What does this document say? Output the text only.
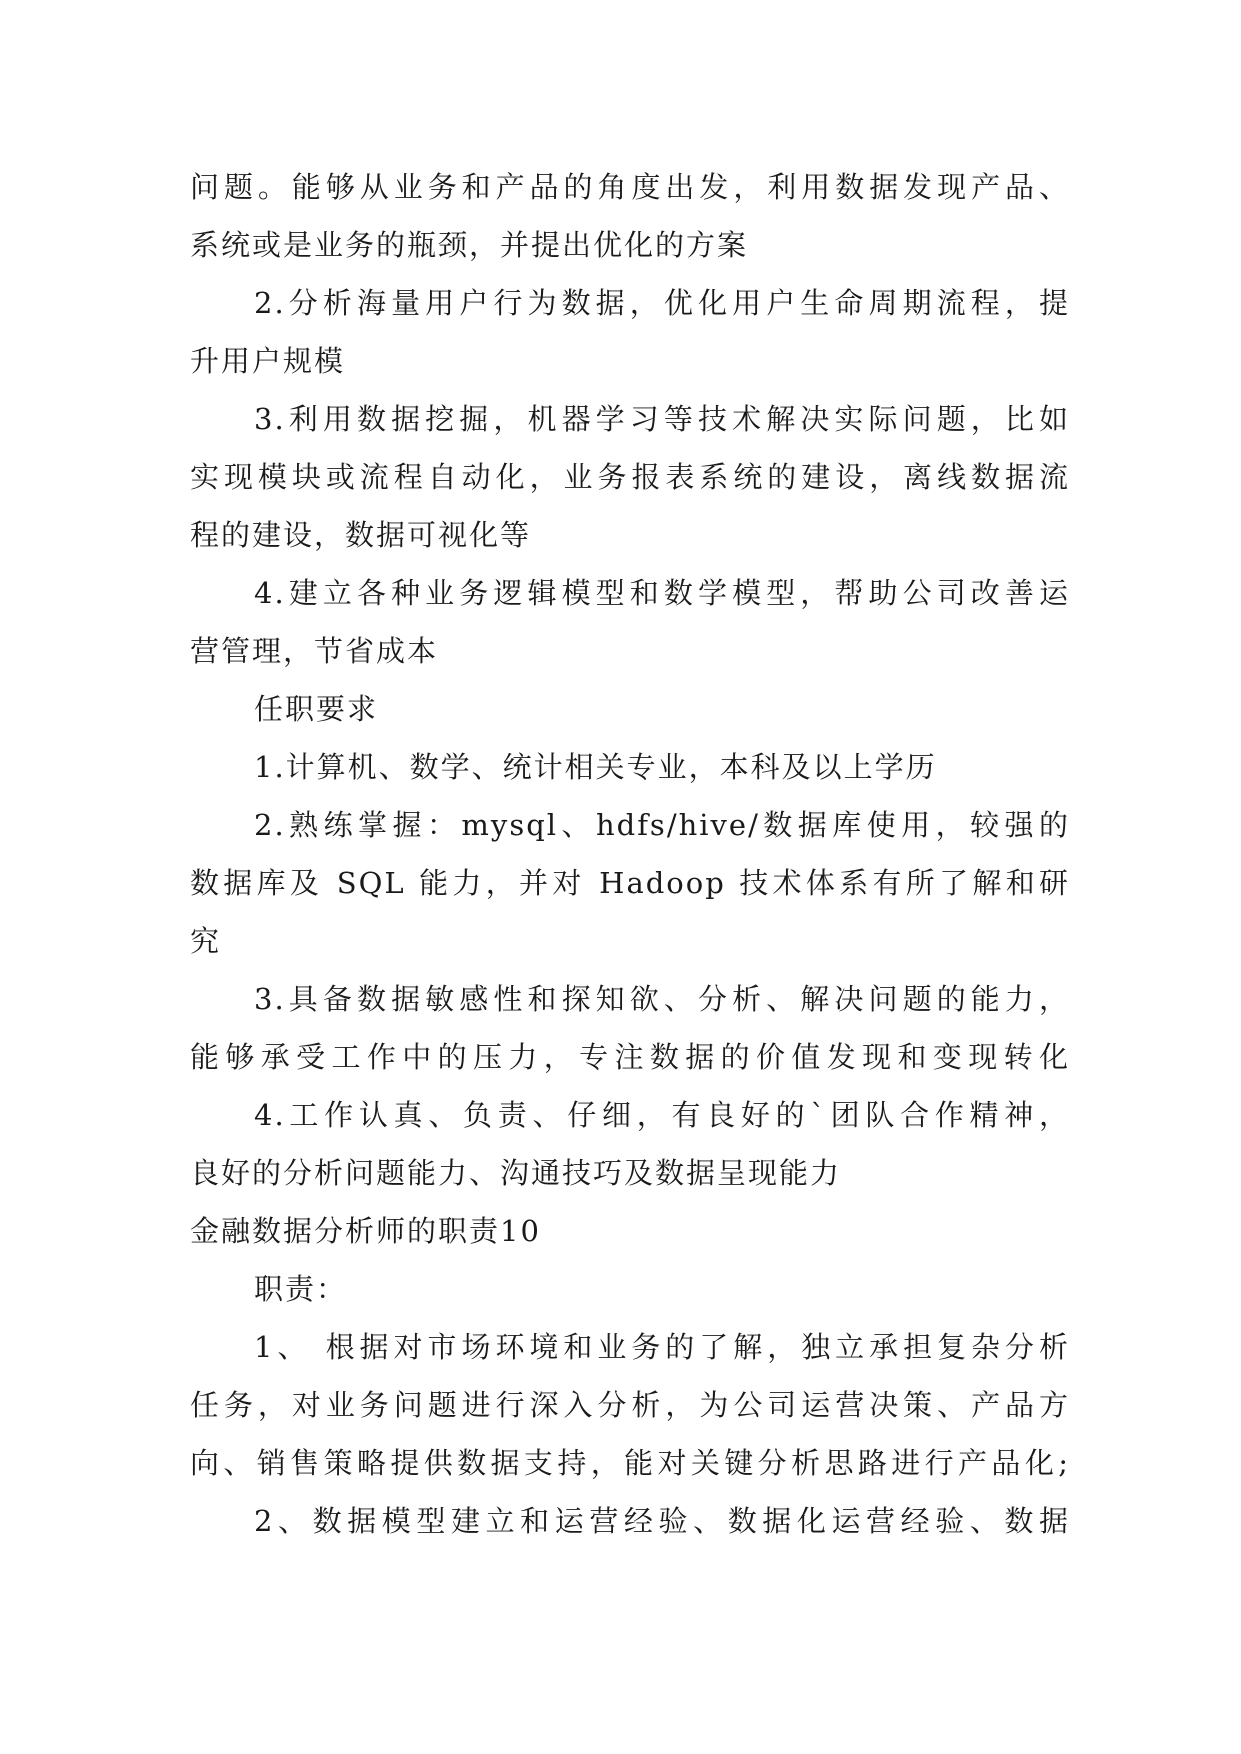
问题。能够从业务和产品的角度出发，利用数据发现产品、
系统或是业务的瓶颈，并提出优化的方案
2.分析海量用户行为数据，优化用户生命周期流程，提
升用户规模
3.利用数据挖掘，机器学习等技术解决实际问题，比如
实现模块或流程自动化，业务报表系统的建设，离线数据流
程的建设，数据可视化等
4.建立各种业务逻辑模型和数学模型，帮助公司改善运
营管理，节省成本
任职要求
1.计算机、数学、统计相关专业，本科及以上学历
2.熟练掌握：mysql、hdfs/hive/数据库使用，较强的
数据库及 SQL 能力，并对 Hadoop 技术体系有所了解和研
究
3.具备数据敏感性和探知欲、分析、解决问题的能力，
能够承受工作中的压力，专注数据的价值发现和变现转化
4.工作认真、负责、仔细，有良好的`团队合作精神，
良好的分析问题能力、沟通技巧及数据呈现能力
金融数据分析师的职责10
职责：
1、 根据对市场环境和业务的了解，独立承担复杂分析
任务，对业务问题进行深入分析，为公司运营决策、产品方
向、销售策略提供数据支持，能对关键分析思路进行产品化;
2、数据模型建立和运营经验、数据化运营经验、数据
